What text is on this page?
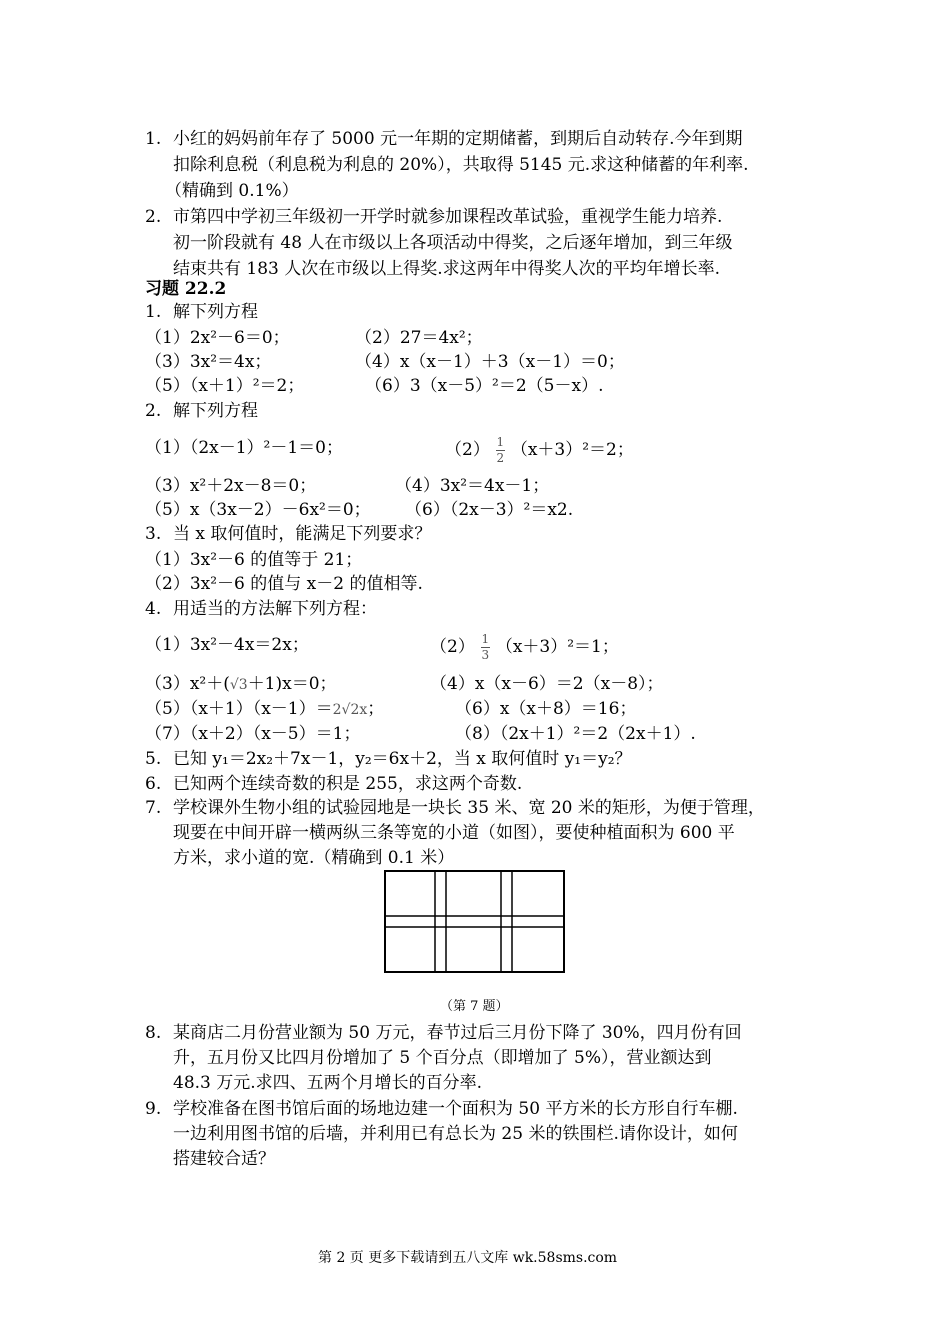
1. 小红的妈妈前年存了 5000 元一年期的定期储蓄，到期后自动转存.今年到期
扣除利息税（利息税为利息的 20%），共取得 5145 元.求这种储蓄的年利率.
（精确到 0.1%）
2. 市第四中学初三年级初一开学时就参加课程改革试验，重视学生能力培养.
初一阶段就有 48 人在市级以上各项活动中得奖，之后逐年增加，到三年级
结束共有 183 人次在市级以上得奖.求这两年中得奖人次的平均年增长率.
习题 22.2
1. 解下列方程
（1）2x²－6＝0；	（2）27＝4x²；
（3）3x²＝4x；	（4）x（x－1）＋3（x－1）＝0；
（5）（x＋1）²＝2；	（6）3（x－5）²＝2（5－x）.
2. 解下列方程
（1）（2x－1）²－1＝0；	$(2) \frac{1}{2} (x+3)^2=2$；
（3）x²＋2x－8＝0；	（4）3x²＝4x－1；
（5）x（3x－2）－6x²＝0； （6）（2x－3）²＝x2.
3. 当 x 取何值时，能满足下列要求？
（1）3x²－6 的值等于 21；
（2）3x²－6 的值与 x－2 的值相等.
4. 用适当的方法解下列方程：
（1）3x²－4x＝2x；	$(2) \frac{1}{3} (x+3)^2=1$；
（3）x²＋(√3＋1)x＝0；	（4）x（x－6）＝2（x－8）；
（5）（x＋1）（x－1）＝2√2x；	（6）x（x＋8）＝16；
（7）（x＋2）（x－5）＝1；	（8）（2x＋1）²＝2（2x＋1）.
5. 已知 y₁＝2x₂＋7x－1，y₂＝6x＋2，当 x 取何值时 y₁＝y₂？
6. 已知两个连续奇数的积是 255，求这两个奇数.
7. 学校课外生物小组的试验园地是一块长 35 米、宽 20 米的矩形，为便于管理，
现要在中间开辟一横两纵三条等宽的小道（如图），要使种植面积为 600 平
方米，求小道的宽.（精确到 0.1 米）
（第 7 题）
8. 某商店二月份营业额为 50 万元，春节过后三月份下降了 30%，四月份有回
升，五月份又比四月份增加了 5 个百分点（即增加了 5%），营业额达到
48.3 万元.求四、五两个月增长的百分率.
9. 学校准备在图书馆后面的场地边建一个面积为 50 平方米的长方形自行车棚.
一边利用图书馆的后墙，并利用已有总长为 25 米的铁围栏.请你设计，如何
搭建较合适？
第 2 页 更多下载请到五八文库 wk.58sms.com
